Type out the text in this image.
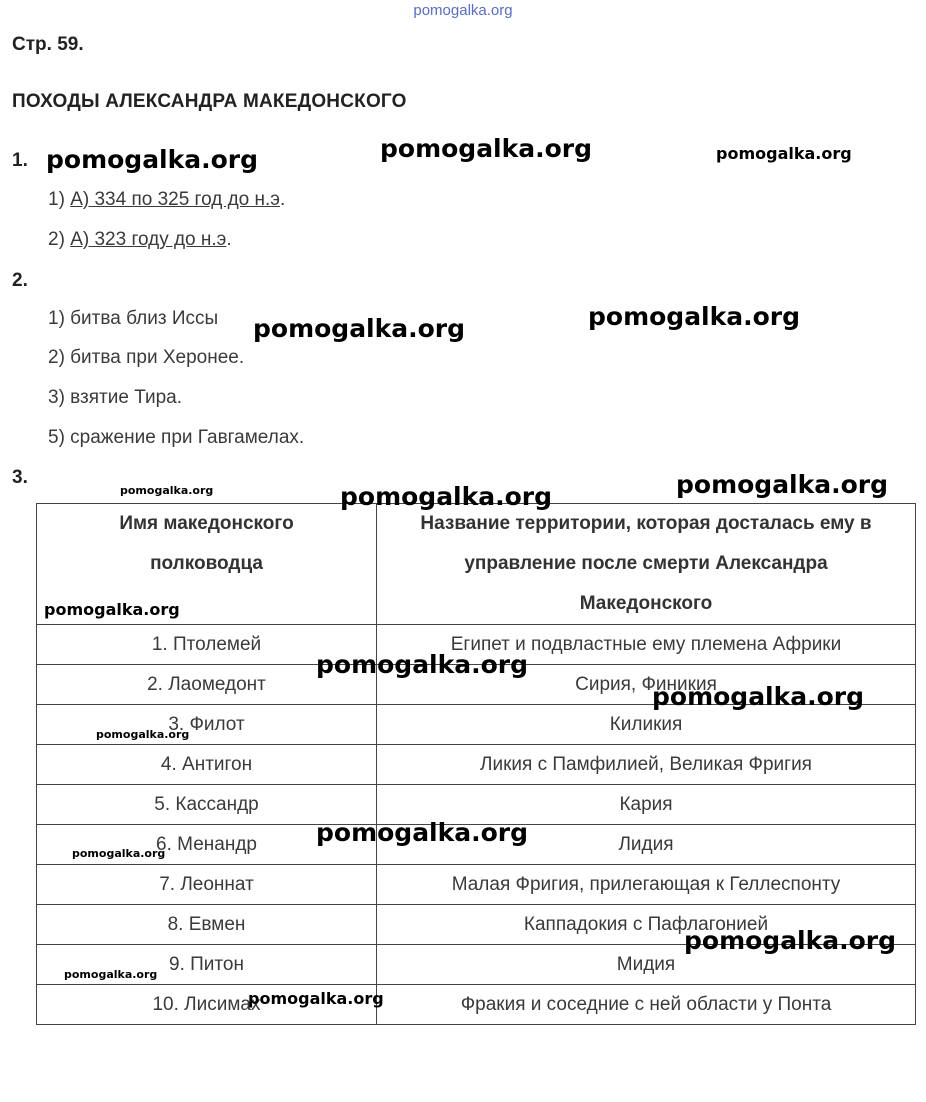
pomogalka.org
Стр. 59.
ПОХОДЫ АЛЕКСАНДРА МАКЕДОНСКОГО
1.
1) А) 334 по 325 год до н.э.
2) А) 323 году до н.э.
2.
1) битва близ Иссы
2) битва при Херонее.
3) взятие Тира.
5) сражение при Гавгамелах.
3.
Имя македонского полководца	Название территории, которая досталась ему в управление после смерти Александра Македонского
1. Птолемей	Египет и подвластные ему племена Африки
2. Лаомедонт	Сирия, Финикия
3. Филот	Киликия
4. Антигон	Ликия с Памфилией, Великая Фригия
5. Кассандр	Кария
6. Менандр	Лидия
7. Леоннат	Малая Фригия, прилегающая к Геллеспонту
8. Евмен	Каппадокия с Пафлагонией
9. Питон	Мидия
10. Лисимах	Фракия и соседние с ней области у Понта
pomogalka.org	pomogalka.org	pomogalka.org
pomogalka.org	pomogalka.org
pomogalka.org	pomogalka.org	pomogalka.org
pomogalka.org
pomogalka.org
pomogalka.org
pomogalka.org
pomogalka.org
pomogalka.org
pomogalka.org
pomogalka.org
pomogalka.org
